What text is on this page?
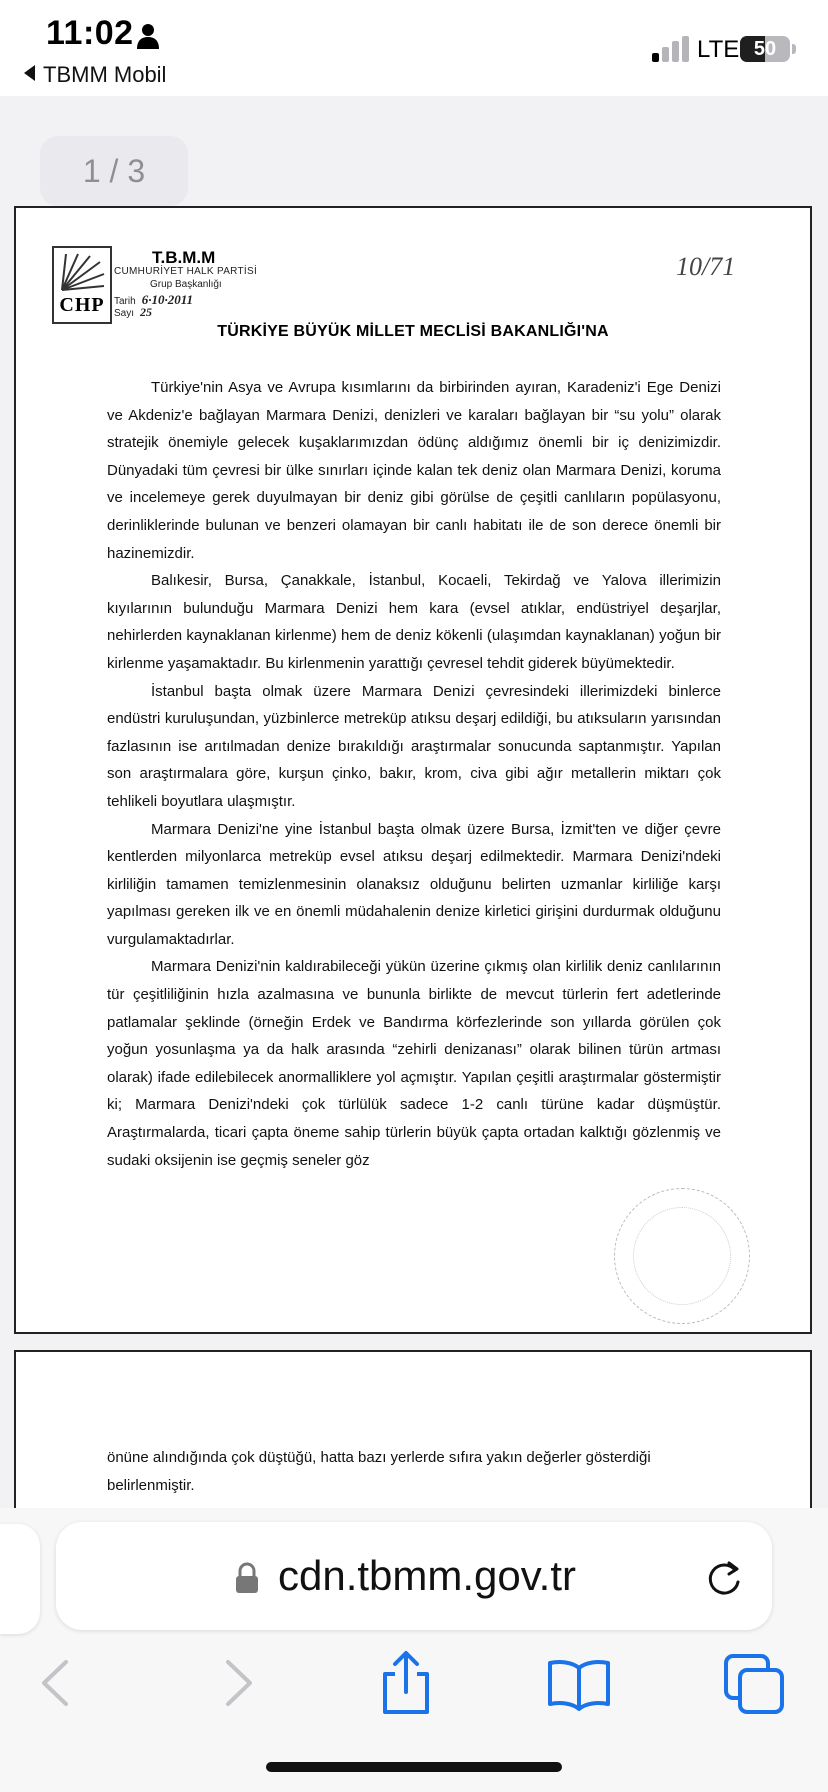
11:02
TBMM Mobil
LTE 50
1 / 3
CHP
T.B.M.M
CUMHURİYET HALK PARTİSİ
Grup Başkanlığı
Tarih 6·10·2011
Sayı 25
10/71
TÜRKİYE BÜYÜK MİLLET MECLİSİ BAKANLIĞI'NA

Türkiye'nin Asya ve Avrupa kısımlarını da birbirinden ayıran, Karadeniz'i Ege Denizi ve Akdeniz'e bağlayan Marmara Denizi, denizleri ve karaları bağlayan bir “su yolu” olarak stratejik önemiyle gelecek kuşaklarımızdan ödünç aldığımız önemli bir iç denizimizdir. Dünyadaki tüm çevresi bir ülke sınırları içinde kalan tek deniz olan Marmara Denizi, koruma ve incelemeye gerek duyulmayan bir deniz gibi görülse de çeşitli canlıların popülasyonu, derinliklerinde bulunan ve benzeri olamayan bir canlı habitatı ile de son derece önemli bir hazinemizdir.

Balıkesir, Bursa, Çanakkale, İstanbul, Kocaeli, Tekirdağ ve Yalova illerimizin kıyılarının bulunduğu Marmara Denizi hem kara (evsel atıklar, endüstriyel deşarjlar, nehirlerden kaynaklanan kirlenme) hem de deniz kökenli (ulaşımdan kaynaklanan) yoğun bir kirlenme yaşamaktadır. Bu kirlenmenin yarattığı çevresel tehdit giderek büyümektedir.

İstanbul başta olmak üzere Marmara Denizi çevresindeki illerimizdeki binlerce endüstri kuruluşundan, yüzbinlerce metreküp atıksu deşarj edildiği, bu atıksuların yarısından fazlasının ise arıtılmadan denize bırakıldığı araştırmalar sonucunda saptanmıştır. Yapılan son araştırmalara göre, kurşun çinko, bakır, krom, civa gibi ağır metallerin miktarı çok tehlikeli boyutlara ulaşmıştır.

Marmara Denizi'ne yine İstanbul başta olmak üzere Bursa, İzmit'ten ve diğer çevre kentlerden milyonlarca metreküp evsel atıksu deşarj edilmektedir. Marmara Denizi'ndeki kirliliğin tamamen temizlenmesinin olanaksız olduğunu belirten uzmanlar kirliliğe karşı yapılması gereken ilk ve en önemli müdahalenin denize kirletici girişini durdurmak olduğunu vurgulamaktadırlar.

Marmara Denizi'nin kaldırabileceği yükün üzerine çıkmış olan kirlilik deniz canlılarının tür çeşitliliğinin hızla azalmasına ve bununla birlikte de mevcut türlerin fert adetlerinde patlamalar şeklinde (örneğin Erdek ve Bandırma körfezlerinde son yıllarda görülen çok yoğun yosunlaşma ya da halk arasında “zehirli denizanası” olarak bilinen türün artması olarak) ifade edilebilecek anormalliklere yol açmıştır. Yapılan çeşitli araştırmalar göstermiştir ki; Marmara Denizi'ndeki çok türlülük sadece 1-2 canlı türüne kadar düşmüştür. Araştırmalarda, ticari çapta öneme sahip türlerin büyük çapta ortadan kalktığı gözlenmiş ve sudaki oksijenin ise geçmiş seneler göz

önüne alındığında çok düştüğü, hatta bazı yerlerde sıfıra yakın değerler gösterdiği belirlenmiştir.

cdn.tbmm.gov.tr
